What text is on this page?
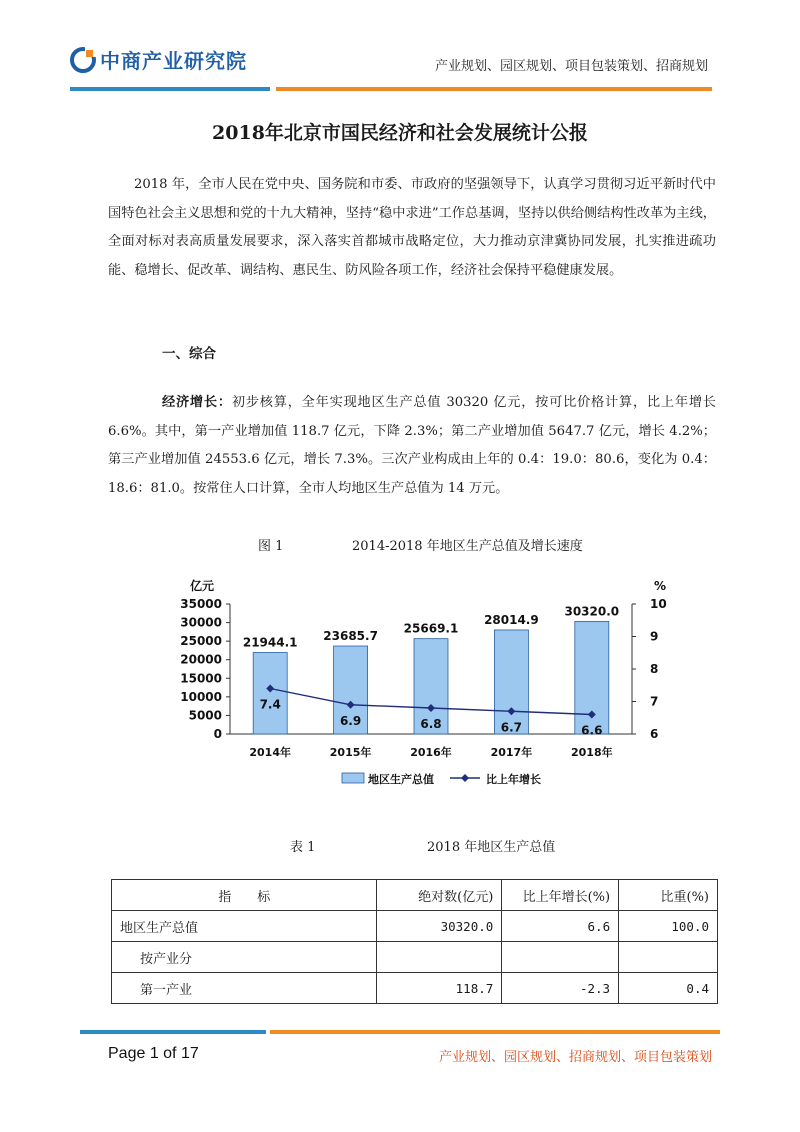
中商产业研究院	产业规划、园区规划、项目包装策划、招商规划
2018年北京市国民经济和社会发展统计公报
2018 年，全市人民在党中央、国务院和市委、市政府的坚强领导下，认真学习贯彻习近平新时代中国特色社会主义思想和党的十九大精神，坚持“稳中求进”工作总基调，坚持以供给侧结构性改革为主线，全面对标对表高质量发展要求，深入落实首都城市战略定位，大力推动京津冀协同发展，扎实推进疏功能、稳增长、促改革、调结构、惠民生、防风险各项工作，经济社会保持平稳健康发展。
一、综合
经济增长：初步核算，全年实现地区生产总值 30320 亿元，按可比价格计算，比上年增长 6.6%。其中，第一产业增加值 118.7 亿元，下降 2.3%；第二产业增加值 5647.7 亿元，增长 4.2%；第三产业增加值 24553.6 亿元，增长 7.3%。三次产业构成由上年的 0.4：19.0：80.6，变化为 0.4：18.6：81.0。按常住人口计算，全市人均地区生产总值为 14 万元。
图 1	2014-2018 年地区生产总值及增长速度
0
5000
10000
15000
20000
25000
30000
35000
6
7
8
9
10
亿元	%
21944.1 23685.7
25669.1
28014.9
30320.0
2014年	2015年	2016年	2017年	2018年
7.4
6.9	6.8	6.7	6.6
地区生产总值	比上年增长
表 1	2018 年地区生产总值
指　　标	绝对数(亿元)	比上年增长(%)	比重(%)
地区生产总值	30320.0	6.6	100.0
按产业分			
第一产业	118.7	-2.3	0.4
Page 1 of 17	产业规划、园区规划、招商规划、项目包装策划
